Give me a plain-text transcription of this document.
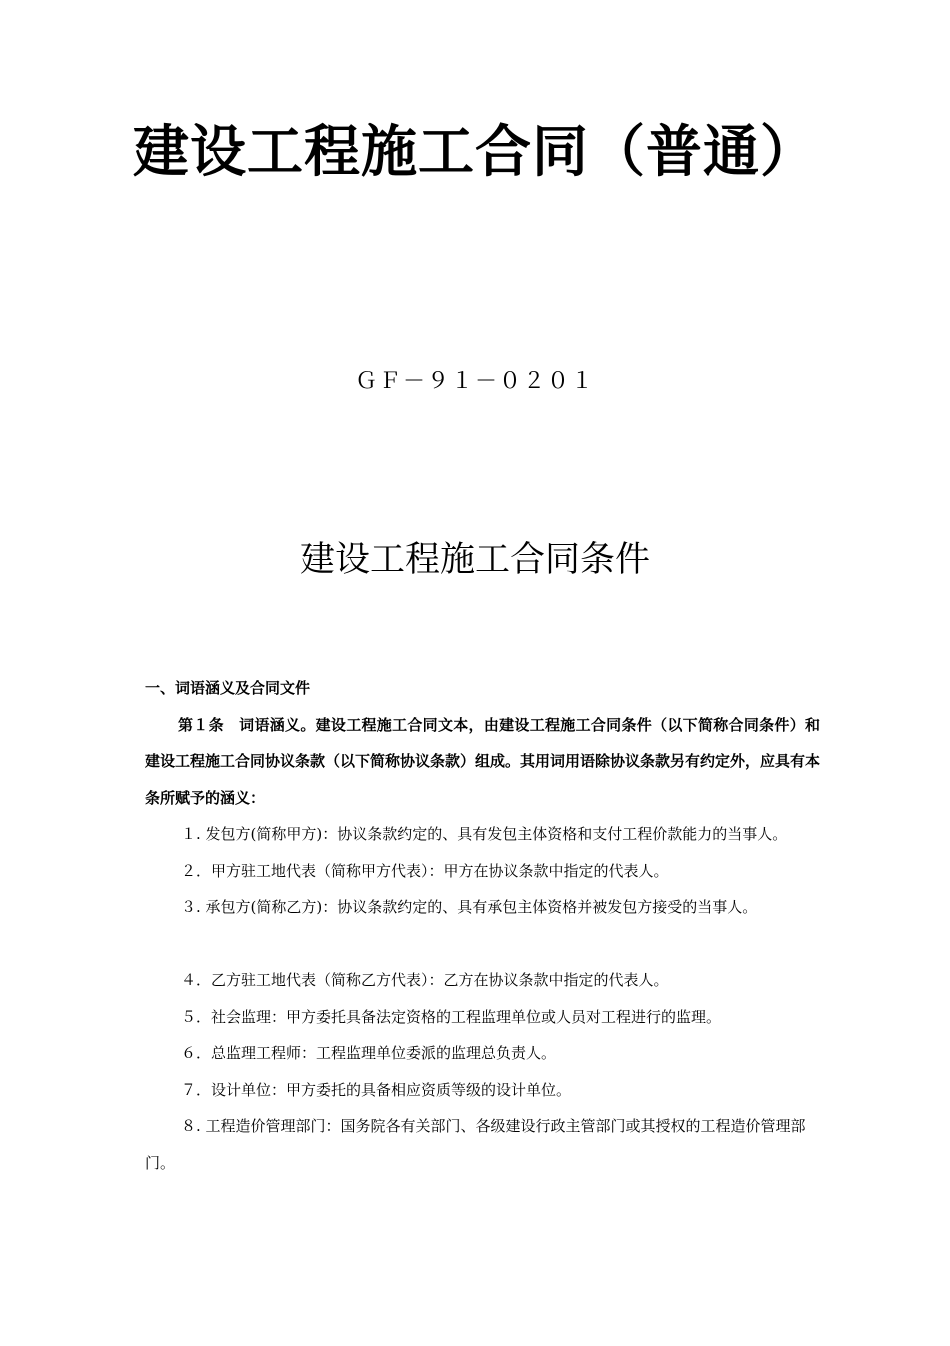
建设工程施工合同（普通）
ＧＦ－９１－０２０１
建设工程施工合同条件

一、词语涵义及合同文件

第１条　词语涵义。建设工程施工合同文本，由建设工程施工合同条件（以下简称合同条件）和建设工程施工合同协议条款（以下简称协议条款）组成。其用词用语除协议条款另有约定外，应具有本条所赋予的涵义：

１. 发包方(简称甲方)：协议条款约定的、具有发包主体资格和支付工程价款能力的当事人。

２．甲方驻工地代表（简称甲方代表）：甲方在协议条款中指定的代表人。

３. 承包方(简称乙方)：协议条款约定的、具有承包主体资格并被发包方接受的当事人。

４．乙方驻工地代表（简称乙方代表）：乙方在协议条款中指定的代表人。

５．社会监理：甲方委托具备法定资格的工程监理单位或人员对工程进行的监理。

６．总监理工程师：工程监理单位委派的监理总负责人。

７．设计单位：甲方委托的具备相应资质等级的设计单位。

８. 工程造价管理部门：国务院各有关部门、各级建设行政主管部门或其授权的工程造价管理部门。
